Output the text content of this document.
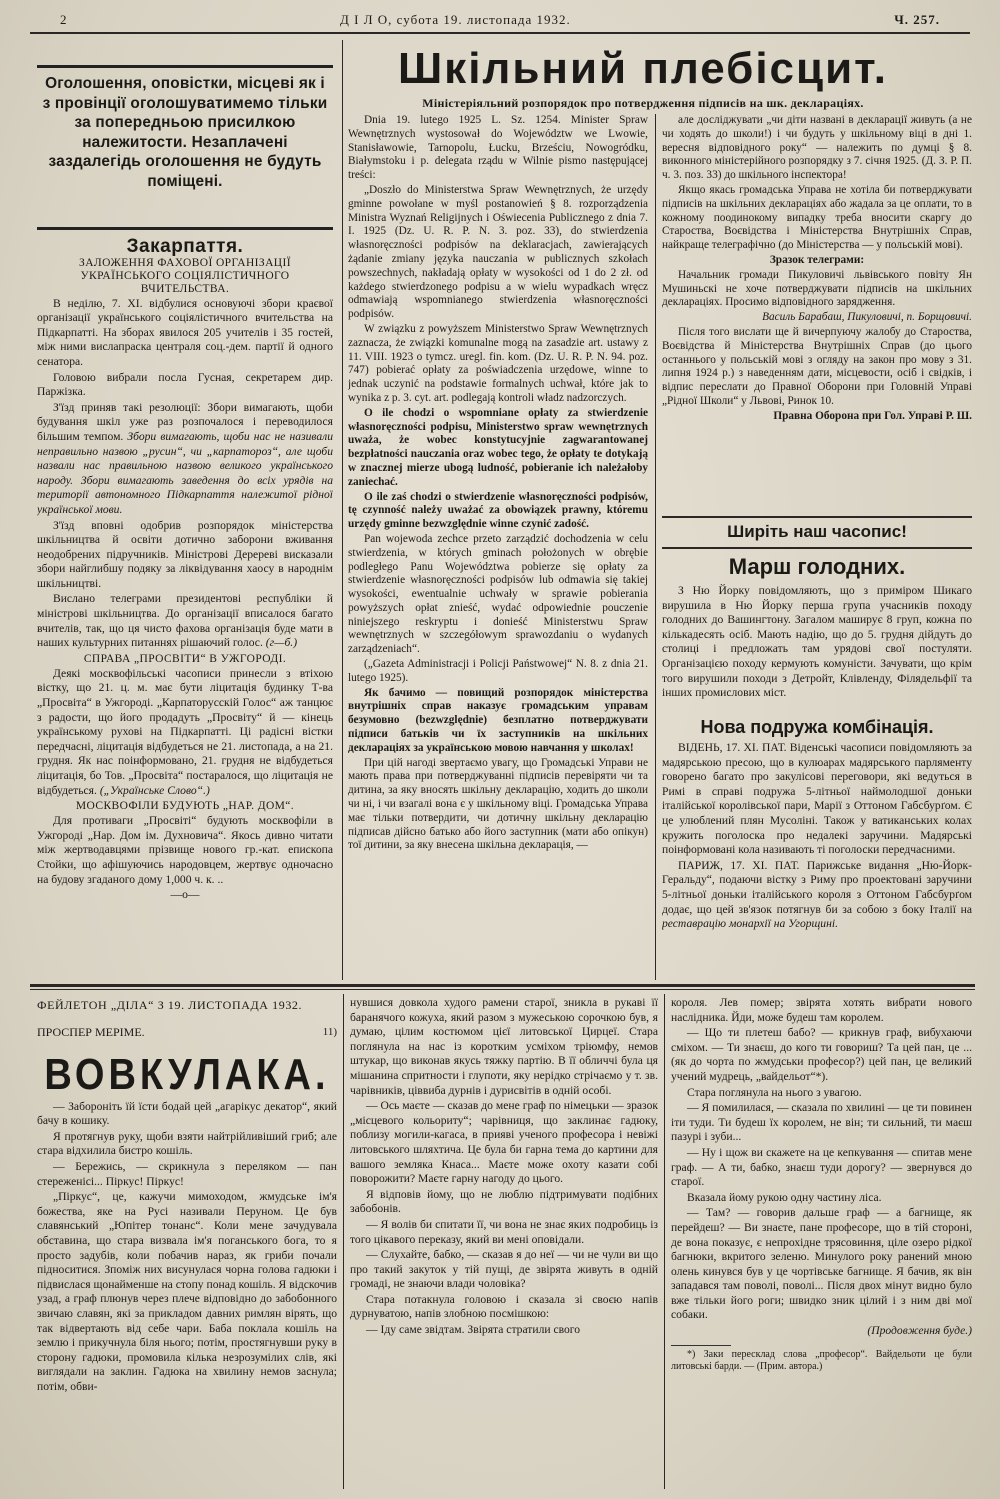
2	Д І Л О, субота 19. листопада 1932.	Ч. 257.
Оголошення, оповістки, місцеві як і з провінції оголошуватимемо тільки за попередньою присилкою належитости. Незаплачені заздалегідь оголошення не будуть поміщені.

Закарпаття.

ЗАЛОЖЕННЯ ФАХОВОЇ ОРГАНІЗАЦІЇ УКРАЇНСЬКОГО СОЦІЯЛІСТИЧНОГО ВЧИТЕЛЬСТВА.

В неділю, 7. XI. відбулися основуючі збори краєвої організації українського соціялістичного вчительства на Підкарпатті. На зборах явилося 205 учителів і 35 гостей, між ними вислапраска централя соц.-дем. партії й одного сенатора.

Головою вибрали посла Гусная, секретарем дир. Паржізка.

З'їзд приняв такі резолюції: Збори вимагають, щоби будування шкіл уже раз розпочалося і переводилося більшим темпом. Збори вимагають, щоби нас не називали неправильно назвою „русин“, чи „карпатороз“, але щоби назвали нас правильною назвою великого українського народу. Збори вимагають заведення до всіх урядів на території автономного Підкарпаття належитої рідної української мови.

З'їзд вповні одобрив розпорядок міністерства шкільництва й освіти дотично заборони вживання неодобрених підручників. Міністрові Деререві висказали збори найглибшу подяку за ліквідування хаосу в народнім шкільництві.

Вислано телеграми президентові республіки й міністрові шкільництва. До організації вписалося багато вчителів, так, що ця чисто фахова організація буде мати в наших культурних питаннях рішаючий голос. (г—б.)

СПРАВА „ПРОСВІТИ“ В УЖГОРОДІ.

Деякі москвофільські часописи принесли з втіхою вістку, що 21. ц. м. має бути ліцитація будинку Т-ва „Просвіта“ в Ужгороді. „Карпаторусскій Голос“ аж танцює з радости, що його продадуть „Просвіту“ й — кінець українському рухові на Підкарпатті. Ці радісні вістки передчасні, ліцитація відбудеться не 21. листопада, а на 21. грудня. Як нас поінформовано, 21. грудня не відбудеться ліцитація, бо Тов. „Просвіта“ постаралося, що ліцитація не відбудеться. („Українське Слово“.)

МОСКВОФІЛИ БУДУЮТЬ „НАР. ДОМ“.

Для противаги „Просвіті“ будують москвофіли в Ужгороді „Нар. Дом ім. Духновича“. Якось дивно читати між жертводавцями прізвище нового гр.-кат. епископа Стойки, що афішуючись народовцем, жертвує одночасно на будову згаданого дому 1,000 ч. к. ..

—о—

Шкільний плебісцит.
Міністеріяльний розпорядок про потвердження підписів на шк. деклараціях.

Dnia 19. lutego 1925 L. Sz. 1254. Minister Spraw Wewnętrznych wystosował do Województw we Lwowie, Stanisławowie, Tarnopolu, Łucku, Brześciu, Nowogródku, Białymstoku i p. delegata rządu w Wilnie pismo następującej treści:

„Doszło do Ministerstwa Spraw Wewnętrznych, że urzędy gminne powołane w myśl postanowień § 8. rozporządzenia Ministra Wyznań Religijnych i Oświecenia Publicznego z dnia 7. I. 1925 (Dz. U. R. P. N. 3. poz. 33), do stwierdzenia własnoręczności podpisów na deklaracjach, zawierających żądanie zmiany języka nauczania w publicznych szkołach powszechnych, nakładają opłaty w wysokości od 1 do 2 zł. od każdego stwierdzonego podpisu a w wielu wypadkach wręcz odmawiają wspomnianego stwierdzenia własnoręczności podpisów.

W związku z powyższem Ministerstwo Spraw Wewnętrznych zaznacza, że związki komunalne mogą na zasadzie art. ustawy z 11. VIII. 1923 o tymcz. uregl. fin. kom. (Dz. U. R. P. N. 94. poz. 747) pobierać opłaty za poświadczenia urzędowe, winne to jednak uczynić na podstawie formalnych uchwał, które jak to wynika z p. 3. cyt. art. podlegają kontroli władz nadzorczych.

O ile chodzi o wspomniane opłaty za stwierdzenie własnoręczności podpisu, Ministerstwo spraw wewnętrznych uważa, że wobec konstytucyjnie zagwarantowanej bezpłatności nauczania oraz wobec tego, że opłaty te dotykają w znacznej mierze ubogą ludność, pobieranie ich należałoby zaniechać.

O ile zaś chodzi o stwierdzenie własnoręczności podpisów, tę czynność należy uważać za obowiązek prawny, któremu urzędy gminne bezwzględnie winne czynić zadość.

Pan wojewoda zechce przeto zarządzić dochodzenia w celu stwierdzenia, w których gminach położonych w obrębie podległego Panu Województwa pobierze się opłaty za stwierdzenie własnoręczności podpisów lub odmawia się takiej wysokości, ewentualnie uchwały w sprawie pobierania powyższych opłat znieść, wydać odpowiednie pouczenie niniejszego reskryptu i donieść Ministerstwu Spraw wewnętrznych w szczegółowym sprawozdaniu o wydanych zarządzeniach“.

(„Gazeta Administracji i Policji Państwowej“ N. 8. z dnia 21. lutego 1925).

Як бачимо — повищий розпорядок міністерства внутрішніх справ наказує громадським управам безумовно (bezwzględnie) безплатно потверджувати підписи батьків чи їх заступників на шкільних деклараціях за українською мовою навчання у школах!

При цій нагоді звертаємо увагу, що Громадські Управи не мають права при потверджуванні підписів перевіряти чи та дитина, за яку вносять шкільну декларацію, ходить до школи чи ні, і чи взагалі вона є у шкільному віці. Громадська Управа має тільки потвердити, чи дотичну шкільну декларацію підписав дійсно батько або його заступник (мати або опікун) тої дитини, за яку внесена шкільна декларація, —

але досліджувати „чи діти названі в декларації живуть (а не чи ходять до школи!) і чи будуть у шкільному віці в дні 1. вересня відповідного року“ — належить по думці § 8. виконного міністерійного розпорядку з 7. січня 1925. (Д. З. Р. П. ч. 3. поз. 33) до шкільного інспектора!

Якщо якась громадська Управа не хотіла би потверджувати підписів на шкільних деклараціях або жадала за це оплати, то в кожному поодинокому випадку треба вносити скаргу до Староства, Воєвідства і Міністерства Внутрішніх Справ, найкраще телеграфічно (до Міністерства — у польській мові).

Зразок телеграми:

Начальник громади Пикуловичі львівського повіту Ян Мушиньскі не хоче потверджувати підписів на шкільних деклараціях. Просимо відповідного зарядження.

Василь Барабаш, Пикуловичі, п. Борщовичі.

Після того вислати ще й вичерпуючу жалобу до Староства, Воєвідства й Міністерства Внутрішніх Справ (до цього останнього у польській мові з огляду на закон про мову з 31. липня 1924 р.) з наведенням дати, місцевости, осіб і свідків, і відпис переслати до Правної Оборони при Головній Управі „Рідної Школи“ у Львові, Ринок 10.

Правна Оборона при Гол. Управі Р. Ш.

Ширіть наш часопис!

Марш голодних.

З Ню Йорку повідомляють, що з приміром Шикаго вирушила в Ню Йорку перша група учасників походу голодних до Вашингтону. Загалом маширує 8 груп, кожна по кількадесять осіб. Мають надію, що до 5. грудня дійдуть до столиці і предложать там урядові свої постуляти. Організацією походу кермують комуністи. Зачувати, що крім того вирушили походи з Детройт, Клівленду, Філядельфії та інших промислових міст.

Нова подружа комбінація.

ВІДЕНЬ, 17. XI. ПАТ. Віденські часописи повідомляють за мадярською пресою, що в кулюарах мадярського парляменту говорено багато про закулісові переговори, які ведуться в Римі в справі подружа 5-літньої наймолодшої доньки італійської королівської пари, Марії з Оттоном Габсбурґом. Є це улюблений плян Мусоліні. Також у ватиканських колах кружить поголоска про недалекі заручини. Мадярські поінформовані кола називають ті поголоски передчасними.

ПАРИЖ, 17. XI. ПАТ. Парижське видання „Ню-Йорк-Геральду“, подаючи вістку з Риму про проектовані заручини 5-літньої доньки італійського короля з Оттоном Габсбурґом додає, що цей зв'язок потягнув би за собою з боку Італії на реставрацію монархії на Угорщині.

ФЕЙЛЕТОН „ДІЛА“ З 19. ЛИСТОПАДА 1932.

ПРОСПЕР МЕРІМЕ.	11)

ВОВКУЛАКА.

— Забороніть їй їсти бодай цей „агарікус декатор“, який бачу в кошику.

Я протягнув руку, щоби взяти найтрійливіший гриб; але стара відхилила бистро кошіль.

— Бережись, — скрикнула з переляком — пан стереженісі... Піркус! Піркус!

„Піркус“, це, кажучи мимоходом, жмудське ім'я божества, яке на Русі називали Перуном. Це був славянський „Юпітер тонанс“. Коли мене зачудувала обставина, що стара визвала ім'я поганського бога, то я просто задубів, коли побачив нараз, як гриби почали підноситися. Зпоміж них висунулася чорна голова гадюки і підвислася щонайменше на стопу понад кошіль. Я відскочив узад, а граф плюнув через плече відповідно до забобонного звичаю славян, які за прикладом давних римлян вірять, що так відвертають від себе чари. Баба поклала кошіль на землю і прикучнула біля нього; потім, простягнувши руку в сторону гадюки, промовила кілька незрозумілих слів, які виглядали на заклин. Гадюка на хвилину немов заснула; потім, обви-

нувшися довкола худого рамени старої, зникла в рукаві її баранячого кожуха, який разом з мужеською сорочкою був, я думаю, цілим костюмом цієї литовської Цирцеї. Стара поглянула на нас із коротким усміхом тріюмфу, немов штукар, що виконав якусь тяжку партію. В її обличчі була ця мішанина спритности і глупоти, яку нерідко стрічаємо у т. зв. чарівників, ціввиба дурнів і дурисвітів в одній особі.

— Ось маєте — сказав до мене граф по німецьки — зразок „місцевого кольориту“; чарівниця, що заклинає гадюку, поблизу могили-кагаса, в приявi ученого професора і невіжі литовського шляхтича. Це була би гарна тема до картини для вашого земляка Кнаса... Маєте може охоту казати собі поворожити? Маєте гарну нагоду до цього.

Я відповів йому, що не люблю підтримувати подібних забобонів.

— Я волів би спитати її, чи вона не знає яких подробиць із того цікавого переказу, який ви мені оповідали.

— Слухайте, бабко, — сказав я до неї — чи не чули ви що про такий закуток у тій пущі, де звірята живуть в одній громаді, не знаючи влади чоловіка?

Стара потакнула головою і сказала зі своєю напів дурнуватою, напів злобною посмішкою:

— Іду саме звідтам. Звірята стратили свого

короля. Лев помер; звірята хотять вибрати нового наслідника. Йди, може будеш там королем.

— Що ти плетеш бабо? — крикнув граф, вибухаючи сміхом. — Ти знаєш, до кого ти говориш? Та цей пан, це ... (як до чорта по жмудськи професор?) цей пан, це великий учений мудрець, „вайдельот“*).

Стара поглянула на нього з увагою.

— Я помилилася, — сказала по хвилині — це ти повинен іти туди. Ти будеш їх королем, не він; ти сильний, ти маєш пазурі і зуби...

— Ну і щож ви скажете на це кепкування — спитав мене граф. — А ти, бабко, знаєш туди дорогу? — звернувся до старої.

Вказала йому рукою одну частину ліса.

— Там? — говорив дальше граф — а багнище, як перейдеш? — Ви знаєте, пане професоре, що в тій стороні, де вона показує, є непрохідне трясовиння, ціле озеро рідкої багнюки, вкритого зеленю. Минулого року ранений мною олень кинувся був у це чортівське багнище. Я бачив, як він западався там поволі, поволі... Після двох мінут видно було вже тільки його роги; швидко зник цілий і з ним дві мої собаки.

(Продовження буде.)

*) Заки пересклад слова „професор“. Вайдельоти це були литовські барди. — (Прим. автора.)
